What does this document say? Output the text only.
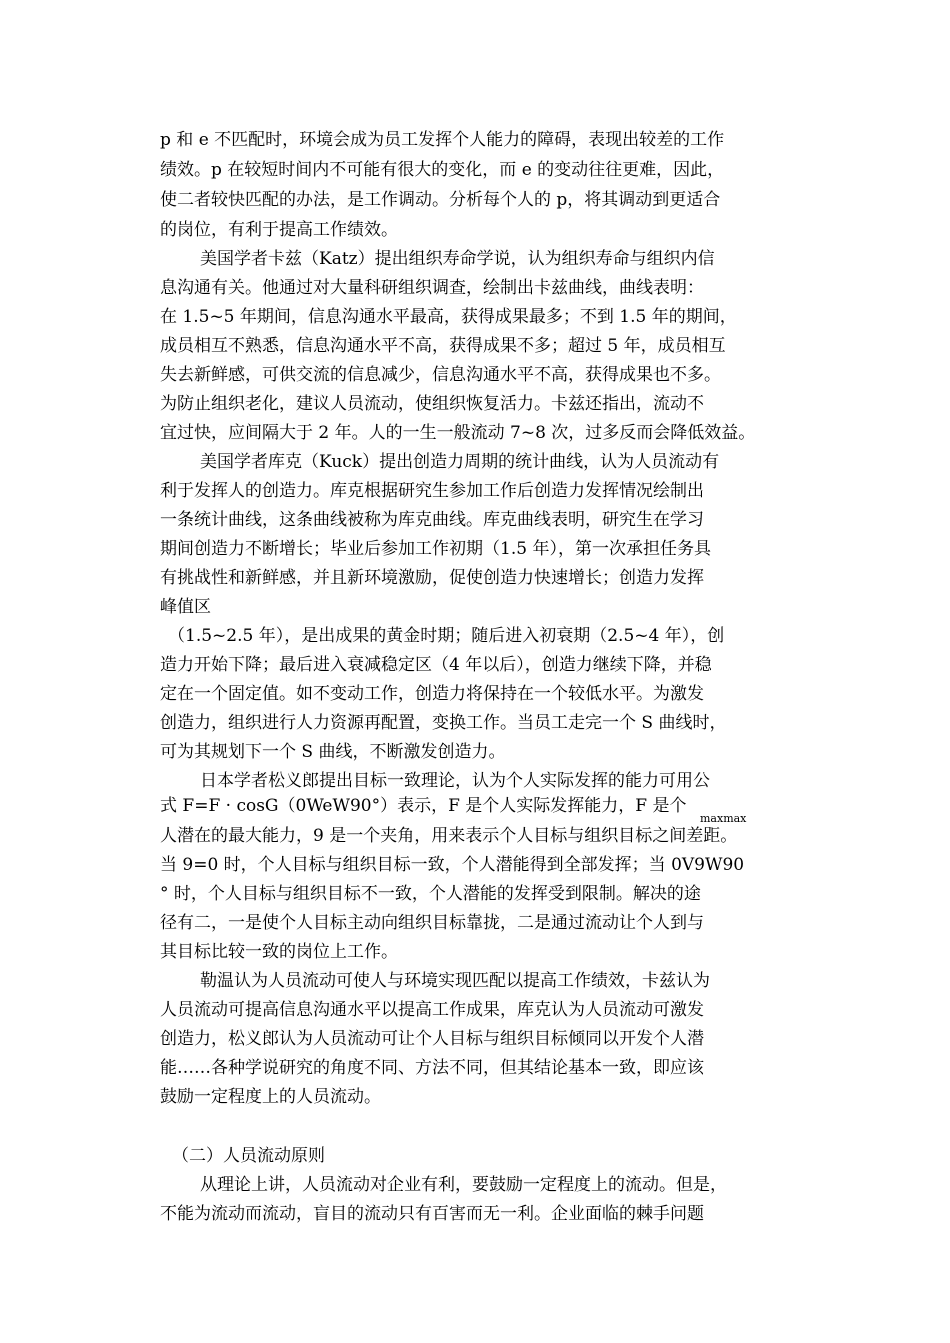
p 和 e 不匹配时，环境会成为员工发挥个人能力的障碍，表现出较差的工作
绩效。p 在较短时间内不可能有很大的变化，而 e 的变动往往更难，因此，
使二者较快匹配的办法，是工作调动。分析每个人的 p，将其调动到更适合
的岗位，有利于提高工作绩效。
美国学者卡兹（Katz）提出组织寿命学说，认为组织寿命与组织内信
息沟通有关。他通过对大量科研组织调查，绘制出卡兹曲线，曲线表明：
在 1.5~5 年期间，信息沟通水平最高，获得成果最多；不到 1.5 年的期间，
成员相互不熟悉，信息沟通水平不高，获得成果不多；超过 5 年，成员相互
失去新鲜感，可供交流的信息减少，信息沟通水平不高，获得成果也不多。
为防止组织老化，建议人员流动，使组织恢复活力。卡兹还指出，流动不
宜过快，应间隔大于 2 年。人的一生一般流动 7~8 次，过多反而会降低效益。
美国学者库克（Kuck）提出创造力周期的统计曲线，认为人员流动有
利于发挥人的创造力。库克根据研究生参加工作后创造力发挥情况绘制出
一条统计曲线，这条曲线被称为库克曲线。库克曲线表明，研究生在学习
期间创造力不断增长；毕业后参加工作初期（1.5 年），第一次承担任务具
有挑战性和新鲜感，并且新环境激励，促使创造力快速增长；创造力发挥
峰值区
（1.5~2.5 年），是出成果的黄金时期；随后进入初衰期（2.5~4 年），创
造力开始下降；最后进入衰减稳定区（4 年以后），创造力继续下降，并稳
定在一个固定值。如不变动工作，创造力将保持在一个较低水平。为激发
创造力，组织进行人力资源再配置，变换工作。当员工走完一个 S 曲线时，
可为其规划下一个 S 曲线，不断激发创造力。
日本学者松义郎提出目标一致理论，认为个人实际发挥的能力可用公
式 F=F · cosG（0WeW90°）表示，F 是个人实际发挥能力，F 是个
maxmax
人潜在的最大能力，9 是一个夹角，用来表示个人目标与组织目标之间差距。
当 9=0 时，个人目标与组织目标一致，个人潜能得到全部发挥；当 0V9W90
° 时，个人目标与组织目标不一致，个人潜能的发挥受到限制。解决的途
径有二，一是使个人目标主动向组织目标靠拢，二是通过流动让个人到与
其目标比较一致的岗位上工作。
勒温认为人员流动可使人与环境实现匹配以提高工作绩效，卡兹认为
人员流动可提高信息沟通水平以提高工作成果，库克认为人员流动可激发
创造力，松义郎认为人员流动可让个人目标与组织目标倾同以开发个人潜
能……各种学说研究的角度不同、方法不同，但其结论基本一致，即应该
鼓励一定程度上的人员流动。
（二）人员流动原则
从理论上讲，人员流动对企业有利，要鼓励一定程度上的流动。但是，
不能为流动而流动，盲目的流动只有百害而无一利。企业面临的棘手问题
